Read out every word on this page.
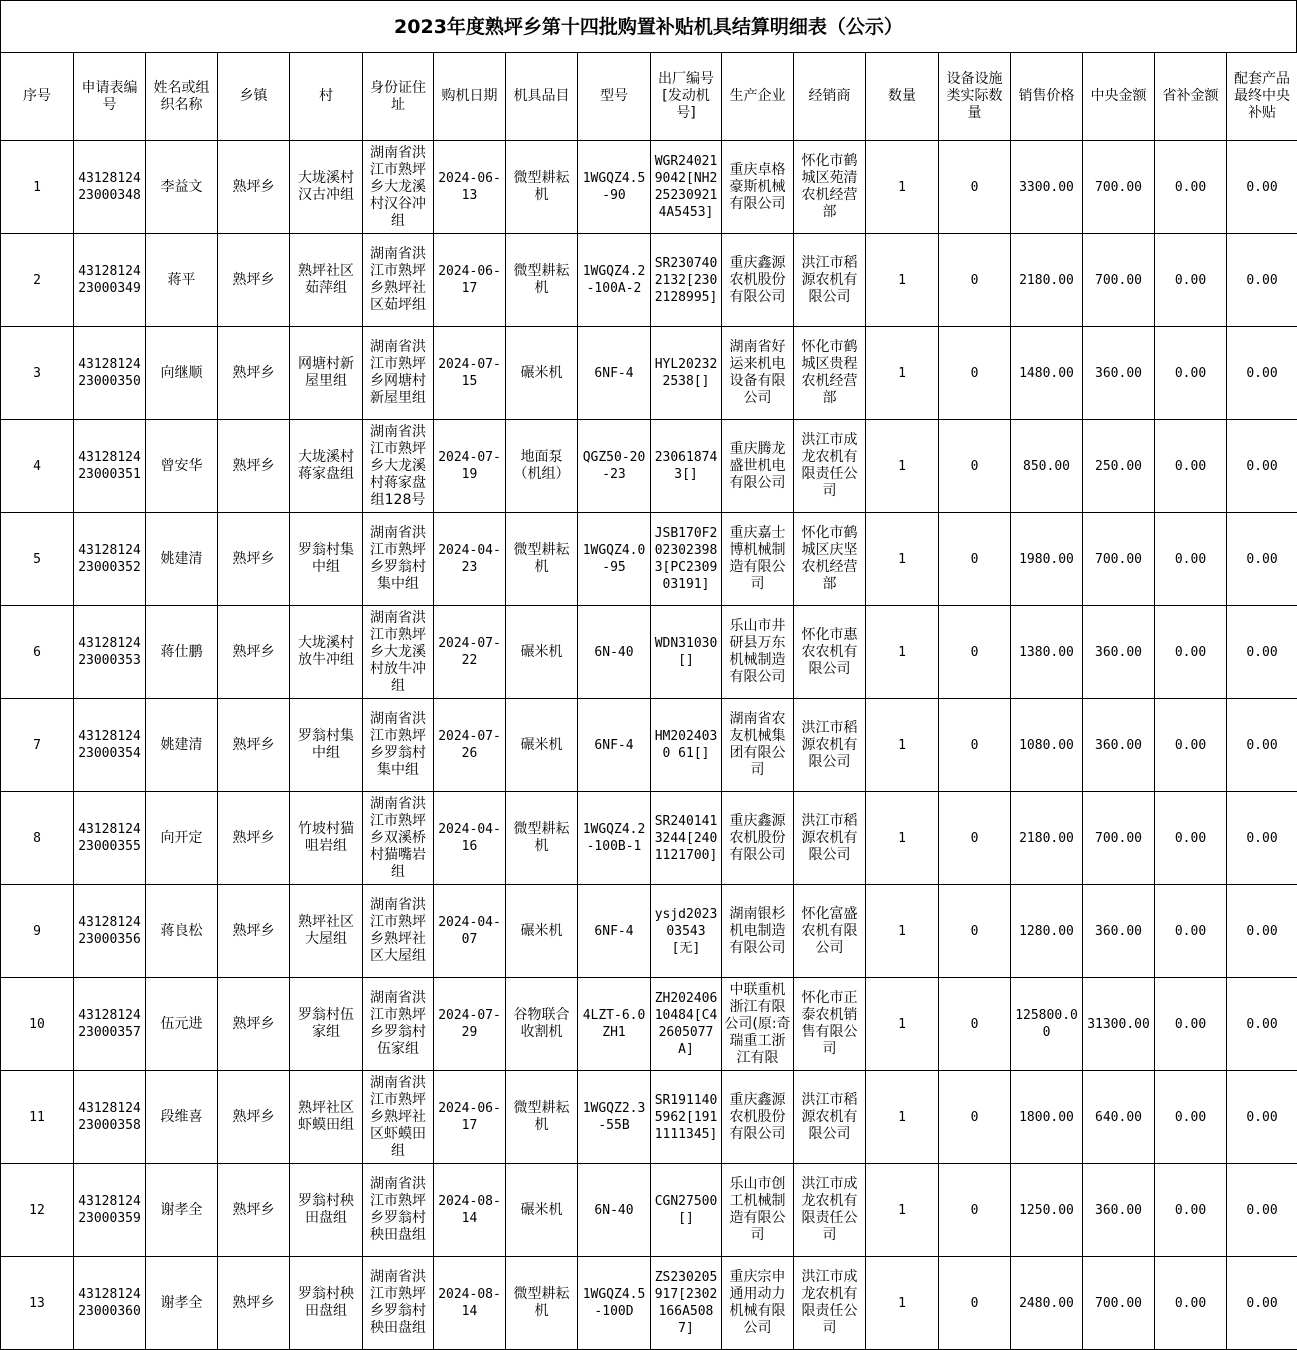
2023年度熟坪乡第十四批购置补贴机具结算明细表（公示）
序号	申请表编号	姓名或组织名称	乡镇	村	身份证住址	购机日期	机具品目	型号	出厂编号[发动机号]	生产企业	经销商	数量	设备设施类实际数量	销售价格	中央金额	省补金额	配套产品最终中央补贴
1	4312812423000348	李益文	熟坪乡	大垅溪村汉古冲组	湖南省洪江市熟坪乡大龙溪村汉谷冲组	2024-06-13	微型耕耘机	1WGQZ4.5-90	WGR240219042[NH2252309214A5453]	重庆卓格豪斯机械有限公司	怀化市鹤城区苑清农机经营部	1	0	3300.00	700.00	0.00	0.00
2	4312812423000349	蒋平	熟坪乡	熟坪社区茹萍组	湖南省洪江市熟坪乡熟坪社区茹坪组	2024-06-17	微型耕耘机	1WGQZ4.2-100A-2	SR2307402132[2302128995]	重庆鑫源农机股份有限公司	洪江市稻源农机有限公司	1	0	2180.00	700.00	0.00	0.00
3	4312812423000350	向继顺	熟坪乡	网塘村新屋里组	湖南省洪江市熟坪乡网塘村新屋里组	2024-07-15	碾米机	6NF-4	HYL202322538[]	湖南省好运来机电设备有限公司	怀化市鹤城区贵程农机经营部	1	0	1480.00	360.00	0.00	0.00
4	4312812423000351	曾安华	熟坪乡	大垅溪村蒋家盘组	湖南省洪江市熟坪乡大龙溪村蒋家盘组128号	2024-07-19	地面泵（机组）	QGZ50-20-23	230618743[]	重庆腾龙盛世机电有限公司	洪江市成龙农机有限责任公司	1	0	850.00	250.00	0.00	0.00
5	4312812423000352	姚建清	熟坪乡	罗翁村集中组	湖南省洪江市熟坪乡罗翁村集中组	2024-04-23	微型耕耘机	1WGQZ4.0-95	JSB170F2023023983[PC230903191]	重庆嘉士博机械制造有限公司	怀化市鹤城区庆坚农机经营部	1	0	1980.00	700.00	0.00	0.00
6	4312812423000353	蒋仕鹏	熟坪乡	大垅溪村放牛冲组	湖南省洪江市熟坪乡大龙溪村放牛冲组	2024-07-22	碾米机	6N-40	WDN31030[]	乐山市井研县万东机械制造有限公司	怀化市惠农农机有限公司	1	0	1380.00	360.00	0.00	0.00
7	4312812423000354	姚建清	熟坪乡	罗翁村集中组	湖南省洪江市熟坪乡罗翁村集中组	2024-07-26	碾米机	6NF-4	HM2024030 61[]	湖南省农友机械集团有限公司	洪江市稻源农机有限公司	1	0	1080.00	360.00	0.00	0.00
8	4312812423000355	向开定	熟坪乡	竹坡村猫咀岩组	湖南省洪江市熟坪乡双溪桥村猫嘴岩组	2024-04-16	微型耕耘机	1WGQZ4.2-100B-1	SR2401413244[2401121700]	重庆鑫源农机股份有限公司	洪江市稻源农机有限公司	1	0	2180.00	700.00	0.00	0.00
9	4312812423000356	蒋良松	熟坪乡	熟坪社区大屋组	湖南省洪江市熟坪乡熟坪社区大屋组	2024-04-07	碾米机	6NF-4	ysjd202303543[无]	湖南银杉机电制造有限公司	怀化富盛农机有限公司	1	0	1280.00	360.00	0.00	0.00
10	4312812423000357	伍元进	熟坪乡	罗翁村伍家组	湖南省洪江市熟坪乡罗翁村伍家组	2024-07-29	谷物联合收割机	4LZT-6.0ZH1	ZH20240610484[C42605077A]	中联重机浙江有限公司(原:奇瑞重工浙江有限	怀化市正泰农机销售有限公司	1	0	125800.00	31300.00	0.00	0.00
11	4312812423000358	段维喜	熟坪乡	熟坪社区虾蟆田组	湖南省洪江市熟坪乡熟坪社区虾蟆田组	2024-06-17	微型耕耘机	1WGQZ2.3-55B	SR1911405962[1911111345]	重庆鑫源农机股份有限公司	洪江市稻源农机有限公司	1	0	1800.00	640.00	0.00	0.00
12	4312812423000359	谢孝全	熟坪乡	罗翁村秧田盘组	湖南省洪江市熟坪乡罗翁村秧田盘组	2024-08-14	碾米机	6N-40	CGN27500[]	乐山市创工机械制造有限公司	洪江市成龙农机有限责任公司	1	0	1250.00	360.00	0.00	0.00
13	4312812423000360	谢孝全	熟坪乡	罗翁村秧田盘组	湖南省洪江市熟坪乡罗翁村秧田盘组	2024-08-14	微型耕耘机	1WGQZ4.5-100D	ZS230205917[2302166A5087]	重庆宗申通用动力机械有限公司	洪江市成龙农机有限责任公司	1	0	2480.00	700.00	0.00	0.00
